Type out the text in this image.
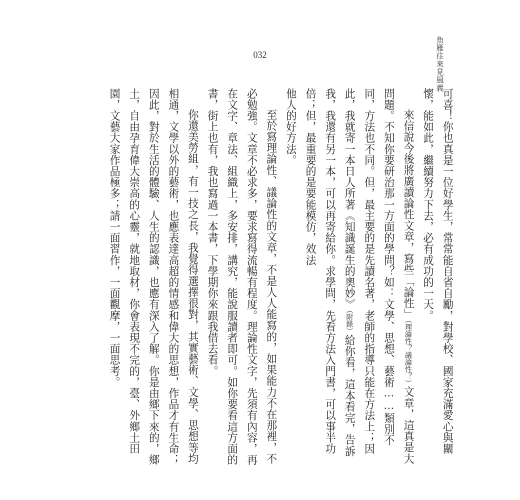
032	魚雁往來見風義

可喜！你也真是一位好學生，常常能自省自勵，對學校、國家充滿愛心與關懷，能如此，繼續努力下去，必有成功的一天。

來信說今後將廣讀論性文章，寫些「論性」（理論性？議論性？）文章，這真是大問題。不知你要研治那一方面的學問？如：文學、思想、藝術……類別不同，方法也不同。但，最主要的是先讀名著，老師的指導只能在方法上；因此，我就寄一本日人所著《知識誕生的奧妙》（附錄）給你看，這本看完，告訴我，我還有另一本，可以再寄給你。求學問，先看方法入門書，可以事半功倍；但，最重要的是要能模仿，效法

他人的好方法。

至於寫理論性、議論性的文章，不是人人能寫的，如果能力不在那裡，不必勉強。文章不必求多，要求寫得流暢有程度。理論性文字，先須有內容，再在文字、章法、組織上，多安排，講究，能說服讀者即可。如你要看這方面的書，街上也有，我也寫過一本書，下學期你來跟我借去看。

你還美勞組，有一技之長，我覺得選擇很對，其實藝術、文學、思想等均相通，文學以外的藝術，也應表達高超的情感和偉大的思想，作品才有生命；因此，對於生活的體驗、人生的認識，也應有深入了解。你是由鄉下來的，鄉土，自由孕育偉大崇高的心靈，就地取材，你會表現不完的，臺、外鄉土田園，文藝大家作品極多；請一面習作，一面觀摩，一面思考。
